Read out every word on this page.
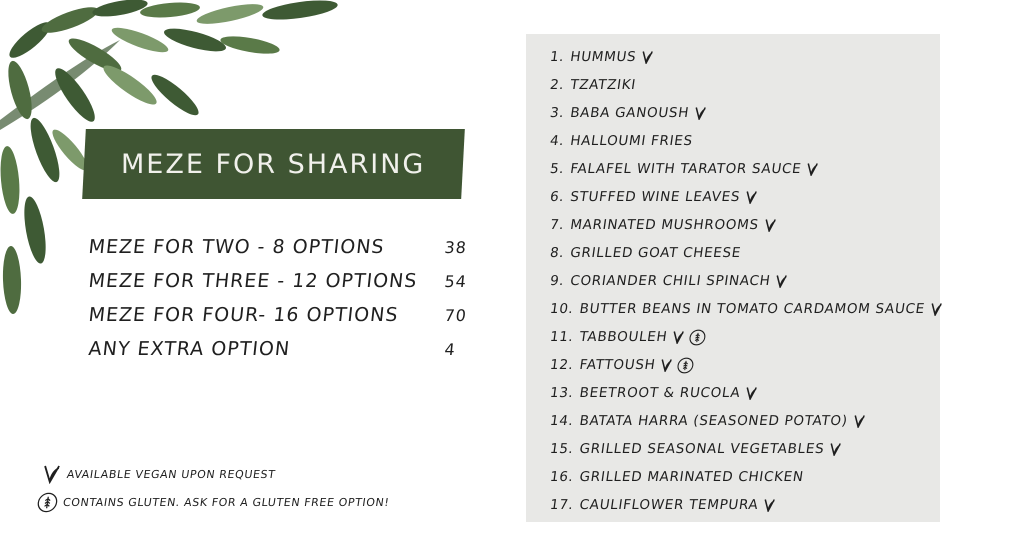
MEZE FOR SHARING
MEZE FOR TWO - 8 OPTIONS	38
MEZE FOR THREE - 12 OPTIONS 54
MEZE FOR FOUR- 16 OPTIONS	70
ANY EXTRA OPTION	4
AVAILABLE VEGAN UPON REQUEST
CONTAINS GLUTEN. ASK FOR A GLUTEN FREE OPTION!
1. HUMMUS
2. TZATZIKI
3. BABA GANOUSH
4. HALLOUMI FRIES
5. FALAFEL WITH TARATOR SAUCE
6. STUFFED WINE LEAVES
7. MARINATED MUSHROOMS
8. GRILLED GOAT CHEESE
9. CORIANDER CHILI SPINACH
10. BUTTER BEANS IN TOMATO CARDAMOM SAUCE
11. TABBOULEH
12. FATTOUSH
13. BEETROOT & RUCOLA
14. BATATA HARRA (SEASONED POTATO)
15. GRILLED SEASONAL VEGETABLES
16. GRILLED MARINATED CHICKEN
17. CAULIFLOWER TEMPURA
